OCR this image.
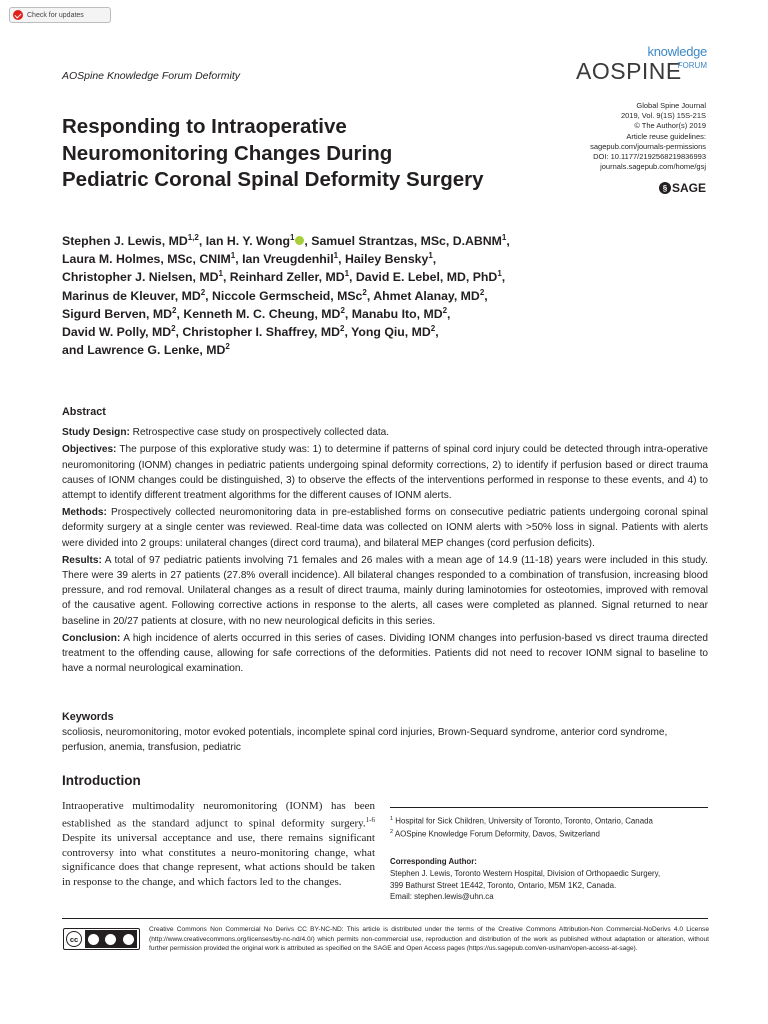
Check for updates
AOSpine Knowledge Forum Deformity
knowledge
AOSPINE
FORUM
Global Spine Journal
2019, Vol. 9(1S) 15S-21S
© The Author(s) 2019
Article reuse guidelines:
sagepub.com/journals-permissions
DOI: 10.1177/2192568219836993
journals.sagepub.com/home/gsj
§ SAGE
Responding to Intraoperative
Neuromonitoring Changes During
Pediatric Coronal Spinal Deformity Surgery
Stephen J. Lewis, MD$^{1,2}$, Ian H. Y. Wong$^1$ , Samuel Strantzas, MSc, D.ABNM$^1$,
Laura M. Holmes, MSc, CNIM$^1$, Ian Vreugdenhil$^1$, Hailey Bensky$^1$,
Christopher J. Nielsen, $MD^1$, Reinhard Zeller, $MD^1$, David E. Lebel, MD, PhD$^1$,
Marinus de Kleuver, $MD^2$, Niccole Germscheid, MSc$^2$, Ahmet Alanay, $MD^2$,
Sigurd Berven, $MD^2$, Kenneth M. C. Cheung, $MD^2$, Manabu Ito, $MD^2$,
David W. Polly, $MD^2$, Christopher I. Shaffrey, $MD^2$, Yong Qiu, $MD^2$,
and Lawrence G. Lenke, $MD^2$
Abstract

Study Design: Retrospective case study on prospectively collected data.

Objectives: The purpose of this explorative study was: 1) to determine if patterns of spinal cord injury could be detected through intra-operative neuromonitoring (IONM) changes in pediatric patients undergoing spinal deformity corrections, 2) to identify if perfusion based or direct trauma causes of IONM changes could be distinguished, 3) to observe the effects of the interventions performed in response to these events, and 4) to attempt to identify different treatment algorithms for the different causes of IONM alerts.

Methods: Prospectively collected neuromonitoring data in pre-established forms on consecutive pediatric patients undergoing coronal spinal deformity surgery at a single center was reviewed. Real-time data was collected on IONM alerts with >50% loss in signal. Patients with alerts were divided into 2 groups: unilateral changes (direct cord trauma), and bilateral MEP changes (cord perfusion deficits).

Results: A total of 97 pediatric patients involving 71 females and 26 males with a mean age of 14.9 (11-18) years were included in this study. There were 39 alerts in 27 patients (27.8% overall incidence). All bilateral changes responded to a combination of transfusion, increasing blood pressure, and rod removal. Unilateral changes as a result of direct trauma, mainly during laminotomies for osteotomies, improved with removal of the causative agent. Following corrective actions in response to the alerts, all cases were completed as planned. Signal returned to near baseline in 20/27 patients at closure, with no new neurological deficits in this series.

Conclusion: A high incidence of alerts occurred in this series of cases. Dividing IONM changes into perfusion-based vs direct trauma directed treatment to the offending cause, allowing for safe corrections of the deformities. Patients did not need to recover IONM signal to baseline to have a normal neurological examination.

Keywords
scoliosis, neuromonitoring, motor evoked potentials, incomplete spinal cord injuries, Brown-Sequard syndrome, anterior cord syndrome, perfusion, anemia, transfusion, pediatric
Introduction
Intraoperative multimodality neuromonitoring (IONM) has been established as the standard adjunct to spinal deformity surgery.$^{1-6}$ Despite its universal acceptance and use, there remains significant controversy into what constitutes a neuro-monitoring change, what significance does that change represent, what actions should be taken in response to the change, and which factors led to the changes.
$^1$ Hospital for Sick Children, University of Toronto, Toronto, Ontario, Canada
$^2$ AOSpine Knowledge Forum Deformity, Davos, Switzerland
Corresponding Author:
Stephen J. Lewis, Toronto Western Hospital, Division of Orthopaedic Surgery,
399 Bathurst Street 1E442, Toronto, Ontario, M5M 1K2, Canada.
Email: stephen.lewis@uhn.ca
cc
Creative Commons Non Commercial No Derivs CC BY-NC-ND: This article is distributed under the terms of the Creative Commons Attribution-Non Commercial-NoDerivs 4.0 License (http://www.creativecommons.org/licenses/by-nc-nd/4.0/) which permits non-commercial use, reproduction and distribution of the work as published without adaptation or alteration, without further permission provided the original work is attributed as specified on the SAGE and Open Access pages (https://us.sagepub.com/en-us/nam/open-access-at-sage).
